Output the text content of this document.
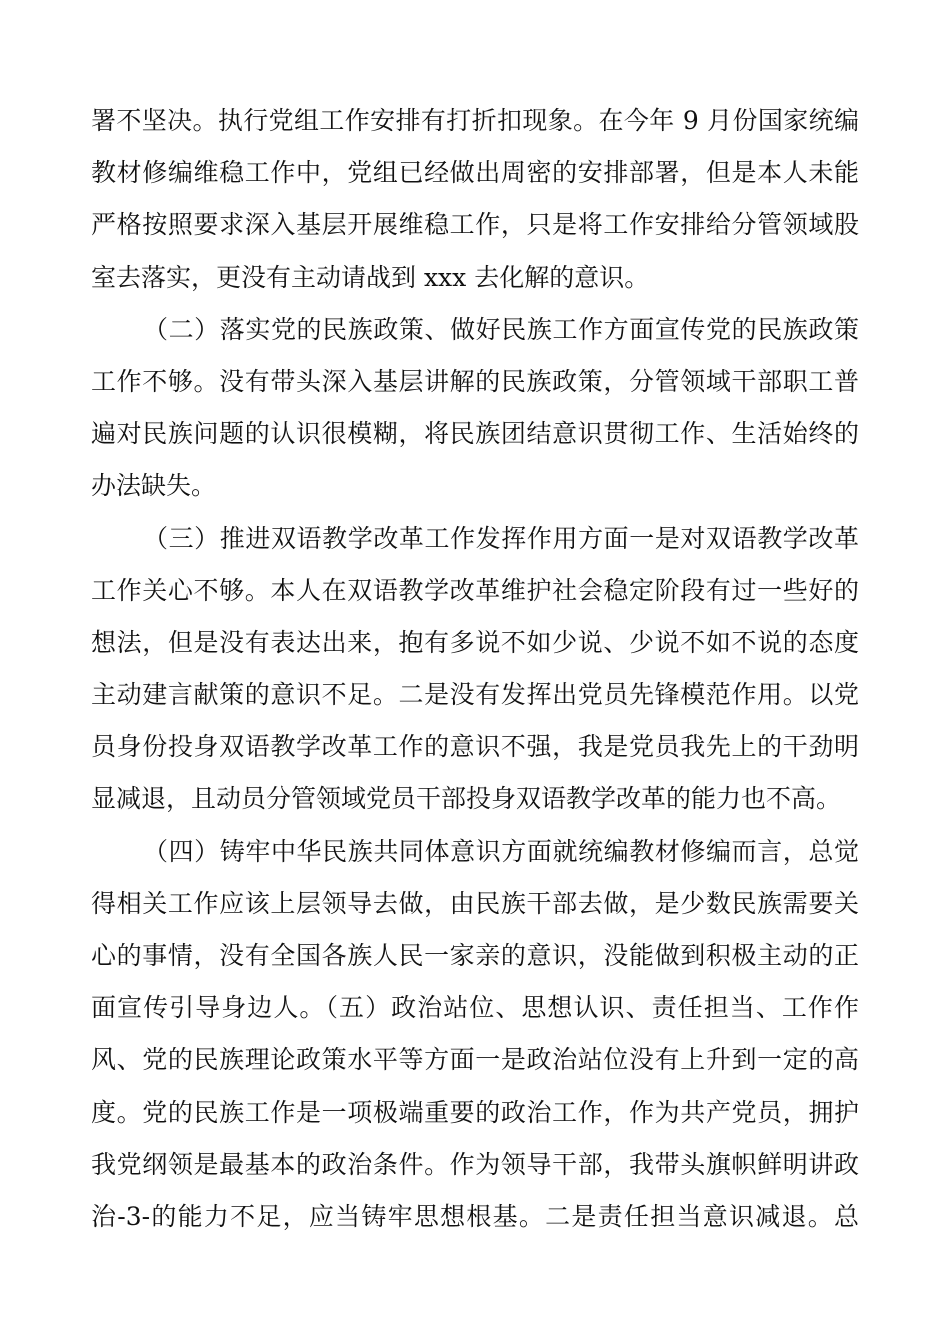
署不坚决。执行党组工作安排有打折扣现象。在今年 9 月份国家统编
教材修编维稳工作中，党组已经做出周密的安排部署，但是本人未能
严格按照要求深入基层开展维稳工作，只是将工作安排给分管领域股
室去落实，更没有主动请战到 xxx 去化解的意识。
（二）落实党的民族政策、做好民族工作方面宣传党的民族政策
工作不够。没有带头深入基层讲解的民族政策，分管领域干部职工普
遍对民族问题的认识很模糊，将民族团结意识贯彻工作、生活始终的
办法缺失。
（三）推进双语教学改革工作发挥作用方面一是对双语教学改革
工作关心不够。本人在双语教学改革维护社会稳定阶段有过一些好的
想法，但是没有表达出来，抱有多说不如少说、少说不如不说的态度
主动建言献策的意识不足。二是没有发挥出党员先锋模范作用。以党
员身份投身双语教学改革工作的意识不强，我是党员我先上的干劲明
显减退，且动员分管领域党员干部投身双语教学改革的能力也不高。
（四）铸牢中华民族共同体意识方面就统编教材修编而言，总觉
得相关工作应该上层领导去做，由民族干部去做，是少数民族需要关
心的事情，没有全国各族人民一家亲的意识，没能做到积极主动的正
面宣传引导身边人。（五）政治站位、思想认识、责任担当、工作作
风、党的民族理论政策水平等方面一是政治站位没有上升到一定的高
度。党的民族工作是一项极端重要的政治工作，作为共产党员，拥护
我党纲领是最基本的政治条件。作为领导干部，我带头旗帜鲜明讲政
治-3-的能力不足，应当铸牢思想根基。二是责任担当意识减退。总
